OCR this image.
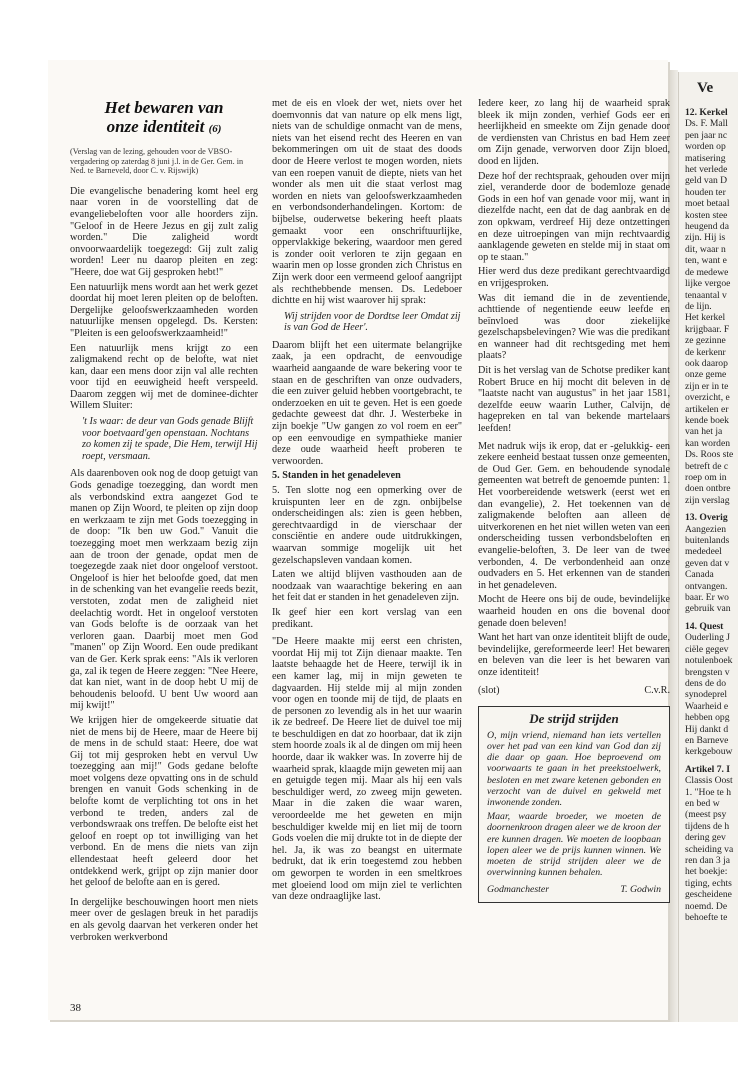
Ve

12. Kerkel

Ds. F. Mall

pen jaar nc

worden op

matisering

het verlede

geld van D

houden ter

moet betaal

kosten stee

heugend da

zijn. Hij is

dit, waar n

ten, want e

de medewe

lijke vergoe

tenaantal v

de lijn.

Het kerkel

krijgbaar. F

ze gezinne

de kerkenr

ook daarop

onze geme

zijn er in te

overzicht, e

artikelen er

kende boek

van het ja

kan worden

Ds. Roos ste

betreft de c

roep om in

doen ontbre

zijn verslag

13. Overig

Aangezien

buitenlands

mededeel

geven dat v

Canada

ontvangen.

baar. Er wo

gebruik van

14. Quest

Ouderling J

ciële gegev

notulenboek

brengsten v

dens de do

synodeprel

Waarheid e

hebben opg

Hij dankt d

en Barneve

kerkgebouw

Artikel 7. I

Classis Oost

1. "Hoe te h

en bed w

(meest psy

tijdens de h

dering gev

scheiding va

ren dan 3 ja

het boekje:

tiging, echts

gescheidene

noemd. De

behoefte te

Het bewaren van
onze identiteit (6)
(Verslag van de lezing, gehouden voor de VBSO-vergadering op zaterdag 8 juni j.l. in de Ger. Gem. in Ned. te Barneveld, door C. v. Rijswijk)

Die evangelische benadering komt heel erg naar voren in de voorstelling dat de evangeliebeloften voor alle hoorders zijn. "Geloof in de Heere Jezus en gij zult zalig worden." Die zaligheid wordt onvoorwaardelijk toegezegd: Gij zult zalig worden! Leer nu daarop pleiten en zeg: "Heere, doe wat Gij gesproken hebt!"

Een natuurlijk mens wordt aan het werk gezet doordat hij moet leren pleiten op de beloften. Dergelijke geloofswerkzaamheden worden natuurlijke mensen opgelegd. Ds. Kersten: "Pleiten is een geloofswerkzaamheid!"

Een natuurlijk mens krijgt zo een zaligmakend recht op de belofte, wat niet kan, daar een mens door zijn val alle rechten voor tijd en eeuwigheid heeft verspeeld. Daarom zeggen wij met de dominee-dichter Willem Sluiter:

't Is waar: de deur van Gods genade Blijft voor boetvaard'gen openstaan. Nochtans zo komen zij te spade, Die Hem, terwijl Hij roept, versmaan.

Als daarenboven ook nog de doop getuigt van Gods genadige toezegging, dan wordt men als verbondskind extra aangezet God te manen op Zijn Woord, te pleiten op zijn doop en werkzaam te zijn met Gods toezegging in de doop: "Ik ben uw God." Vanuit die toezegging moet men werkzaam bezig zijn aan de troon der genade, opdat men de toegezegde zaak niet door ongeloof verstoot. Ongeloof is hier het beloofde goed, dat men in de schenking van het evangelie reeds bezit, verstoten, zodat men de zaligheid niet deelachtig wordt. Het in ongeloof verstoten van Gods belofte is de oorzaak van het verloren gaan. Daarbij moet men God "manen" op Zijn Woord. Een oude predikant van de Ger. Kerk sprak eens: "Als ik verloren ga, zal ik tegen de Heere zeggen: "Nee Heere, dat kan niet, want in de doop hebt U mij de behoudenis beloofd. U bent Uw woord aan mij kwijt!"

We krijgen hier de omgekeerde situatie dat niet de mens bij de Heere, maar de Heere bij de mens in de schuld staat: Heere, doe wat Gij tot mij gesproken hebt en vervul Uw toezegging aan mij!" Gods gedane belofte moet volgens deze opvatting ons in de schuld brengen en vanuit Gods schenking in de belofte komt de verplichting tot ons in het verbond te treden, anders zal de verbondswraak ons treffen. De belofte eist het geloof en roept op tot inwilliging van het verbond. En de mens die niets van zijn ellendestaat heeft geleerd door het ontdekkend werk, grijpt op zijn manier door het geloof de belofte aan en is gered.

In dergelijke beschouwingen hoort men niets meer over de geslagen breuk in het paradijs en als gevolg daarvan het verkeren onder het verbroken werkverbond

met de eis en vloek der wet, niets over het doemvonnis dat van nature op elk mens ligt, niets van de schuldige onmacht van de mens, niets van het eisend recht des Heeren en van bekommeringen om uit de staat des doods door de Heere verlost te mogen worden, niets van een roepen vanuit de diepte, niets van het wonder als men uit die staat verlost mag worden en niets van geloofswerkzaamheden en verbondsonderhandelingen. Kortom: de bijbelse, ouderwetse bekering heeft plaats gemaakt voor een onschriftuurlijke, oppervlakkige bekering, waardoor men gered is zonder ooit verloren te zijn gegaan en waarin men op losse gronden zich Christus en Zijn werk door een vermeend geloof aangrijpt als rechthebbende mensen. Ds. Ledeboer dichtte en hij wist waarover hij sprak:

Wij strijden voor de Dordtse leer Omdat zij is van God de Heer'.

Daarom blijft het een uitermate belangrijke zaak, ja een opdracht, de eenvoudige waarheid aangaande de ware bekering voor te staan en de geschriften van onze oudvaders, die een zuiver geluid hebben voortgebracht, te onderzoeken en uit te geven. Het is een goede gedachte geweest dat dhr. J. Westerbeke in zijn boekje "Uw gangen zo vol roem en eer" op een eenvoudige en sympathieke manier deze oude waarheid heeft proberen te verwoorden.

5. Standen in het genadeleven

5. Ten slotte nog een opmerking over de kruispunten leer en de zgn. onbijbelse onderscheidingen als: zien is geen hebben, gerechtvaardigd in de vierschaar der consciëntie en andere oude uitdrukkingen, waarvan sommige mogelijk uit het gezelschapsleven vandaan komen.

Laten we altijd blijven vasthouden aan de noodzaak van waarachtige bekering en aan het feit dat er standen in het genadeleven zijn.

Ik geef hier een kort verslag van een predikant.

"De Heere maakte mij eerst een christen, voordat Hij mij tot Zijn dienaar maakte. Ten laatste behaagde het de Heere, terwijl ik in een kamer lag, mij in mijn geweten te dagvaarden. Hij stelde mij al mijn zonden voor ogen en toonde mij de tijd, de plaats en de personen zo levendig als in het uur waarin ik ze bedreef. De Heere liet de duivel toe mij te beschuldigen en dat zo hoorbaar, dat ik zijn stem hoorde zoals ik al de dingen om mij heen hoorde, daar ik wakker was. In zoverre hij de waarheid sprak, klaagde mijn geweten mij aan en getuigde tegen mij. Maar als hij een vals beschuldiger werd, zo zweeg mijn geweten. Maar in die zaken die waar waren, veroordeelde me het geweten en mijn beschuldiger kwelde mij en liet mij de toorn Gods voelen die mij drukte tot in de diepte der hel. Ja, ik was zo beangst en uitermate bedrukt, dat ik erin toegestemd zou hebben om geworpen te worden in een smeltkroes met gloeiend lood om mijn ziel te verlichten van deze ondraaglijke last.

Iedere keer, zo lang hij de waarheid sprak bleek ik mijn zonden, verhief Gods eer en heerlijkheid en smeekte om Zijn genade door de verdiensten van Christus en bad Hem zeer om Zijn genade, verworven door Zijn bloed, dood en lijden.

Deze hof der rechtspraak, gehouden over mijn ziel, veranderde door de bodemloze genade Gods in een hof van genade voor mij, want in diezelfde nacht, een dat de dag aanbrak en de zon opkwam, verdreef Hij deze ontzettingen en deze uitroepingen van mijn rechtvaardig aanklagende geweten en stelde mij in staat om op te staan."

Hier werd dus deze predikant gerechtvaardigd en vrijgesproken.

Was dit iemand die in de zeventiende, achttiende of negentiende eeuw leefde en beïnvloed was door ziekelijke gezelschapsbelevingen? Wie was die predikant en wanneer had dit rechtsgeding met hem plaats?

Dit is het verslag van de Schotse prediker kant Robert Bruce en hij mocht dit beleven in de "laatste nacht van augustus" in het jaar 1581, dezelfde eeuw waarin Luther, Calvijn, de hagepreken en tal van bekende martelaars leefden!

Met nadruk wijs ik erop, dat er -gelukkig- een zekere eenheid bestaat tussen onze gemeenten, de Oud Ger. Gem. en behoudende synodale gemeenten wat betreft de genoemde punten: 1. Het voorbereidende wetswerk (eerst wet en dan evangelie), 2. Het toekennen van de zaligmakende beloften aan alleen de uitverkorenen en het niet willen weten van een onderscheiding tussen verbondsbeloften en evangelie-beloften, 3. De leer van de twee verbonden, 4. De verbondenheid aan onze oudvaders en 5. Het erkennen van de standen in het genadeleven.

Mocht de Heere ons bij de oude, bevindelijke waarheid houden en ons die bovenal door genade doen beleven!

Want het hart van onze identiteit blijft de oude, bevindelijke, gereformeerde leer! Het bewaren en beleven van die leer is het bewaren van onze identiteit!

(slot)	C.v.R.
De strijd strijden
O, mijn vriend, niemand han iets vertellen over het pad van een kind van God dan zij die daar op gaan. Hoe beproevend om voorwaarts te gaan in het preekstoelwerk, besloten en met zware ketenen gebonden en verzocht van de duivel en gekweld met inwonende zonden.
Maar, waarde broeder, we moeten de doornenkroon dragen aleer we de kroon der ere kunnen dragen. We moeten de loopbaan lopen aleer we de prijs kunnen winnen. We moeten de strijd strijden aleer we de overwinning kunnen behalen.
Godmanchester	T. Godwin
38
